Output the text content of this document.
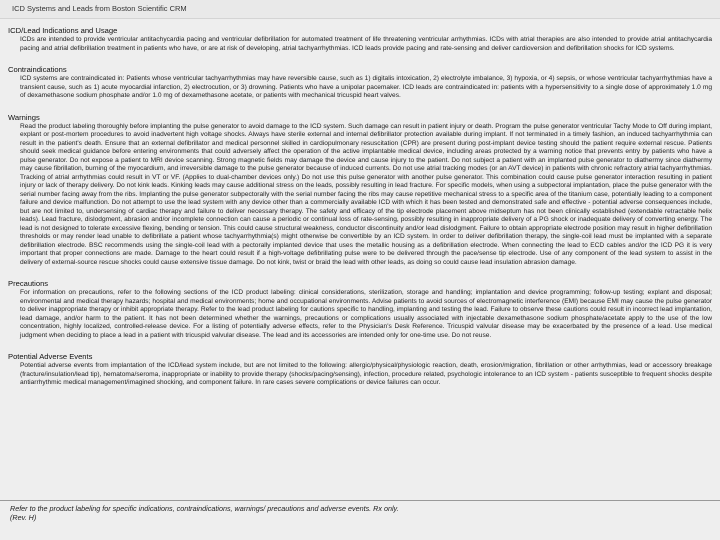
ICD Systems and Leads from Boston Scientific CRM
ICD/Lead Indications and Usage
ICDs are intended to provide ventricular antitachycardia pacing and ventricular defibrillation for automated treatment of life threatening ventricular arrhythmias. ICDs with atrial therapies are also intended to provide atrial antitachycardia pacing and atrial defibrillation treatment in patients who have, or are at risk of developing, atrial tachyarrhythmias. ICD leads provide pacing and rate-sensing and deliver cardioversion and defibrillation shocks for ICD systems.
Contraindications
ICD systems are contraindicated in: Patients whose ventricular tachyarrhythmias may have reversible cause, such as 1) digitalis intoxication, 2) electrolyte imbalance, 3) hypoxia, or 4) sepsis, or whose ventricular tachyarrhythmias have a transient cause, such as 1) acute myocardial infarction, 2) electrocution, or 3) drowning. Patients who have a unipolar pacemaker. ICD leads are contraindicated in: patients with a hypersensitivity to a single dose of approximately 1.0 mg of dexamethasone sodium phosphate and/or 1.0 mg of dexamethasone acetate, or patients with mechanical tricuspid heart valves.
Warnings
Read the product labeling thoroughly before implanting the pulse generator to avoid damage to the ICD system. Such damage can result in patient injury or death. Program the pulse generator ventricular Tachy Mode to Off during implant, explant or post-mortem procedures to avoid inadvertent high voltage shocks. Always have sterile external and internal defibrillator protection available during implant. If not terminated in a timely fashion, an induced tachyarrhythmia can result in the patient's death. Ensure that an external defibrillator and medical personnel skilled in cardiopulmonary resuscitation (CPR) are present during post-implant device testing should the patient require external rescue. Patients should seek medical guidance before entering environments that could adversely affect the operation of the active implantable medical device, including areas protected by a warning notice that prevents entry by patients who have a pulse generator. Do not expose a patient to MRI device scanning. Strong magnetic fields may damage the device and cause injury to the patient. Do not subject a patient with an implanted pulse generator to diathermy since diathermy may cause fibrillation, burning of the myocardium, and irreversible damage to the pulse generator because of induced currents. Do not use atrial tracking modes (or an AVT device) in patients with chronic refractory atrial tachyarrhythmias. Tracking of atrial arrhythmias could result in VT or VF. (Applies to dual-chamber devices only.) Do not use this pulse generator with another pulse generator. This combination could cause pulse generator interaction resulting in patient injury or lack of therapy delivery. Do not kink leads. Kinking leads may cause additional stress on the leads, possibly resulting in lead fracture. For specific models, when using a subpectoral implantation, place the pulse generator with the serial number facing away from the ribs. Implanting the pulse generator subpectorally with the serial number facing the ribs may cause repetitive mechanical stress to a specific area of the titanium case, potentially leading to a component failure and device malfunction. Do not attempt to use the lead system with any device other than a commercially available ICD with which it has been tested and demonstrated safe and effective - potential adverse consequences include, but are not limited to, undersensing of cardiac therapy and failure to deliver necessary therapy. The safety and efficacy of the tip electrode placement above midseptum has not been clinically established (extendable retractable helix leads). Lead fracture, dislodgment, abrasion and/or incomplete connection can cause a periodic or continual loss of rate-sensing, possibly resulting in inappropriate delivery of a PG shock or inadequate delivery of converting energy. The lead is not designed to tolerate excessive flexing, bending or tension. This could cause structural weakness, conductor discontinuity and/or lead dislodgment. Failure to obtain appropriate electrode position may result in higher defibrillation thresholds or may render lead unable to defibrillate a patient whose tachyarrhythmia(s) might otherwise be convertible by an ICD system. In order to deliver defibrillation therapy, the single-coil lead must be implanted with a separate defibrillation electrode. BSC recommends using the single-coil lead with a pectorally implanted device that uses the metallic housing as a defibrillation electrode. When connecting the lead to ECD cables and/or the ICD PG it is very important that proper connections are made. Damage to the heart could result if a high-voltage defibrillating pulse were to be delivered through the pace/sense tip electrode. Use of any component of the lead system to assist in the delivery of external-source rescue shocks could cause extensive tissue damage. Do not kink, twist or braid the lead with other leads, as doing so could cause lead insulation abrasion damage.
Precautions
For information on precautions, refer to the following sections of the ICD product labeling: clinical considerations, sterilization, storage and handling; implantation and device programming; follow-up testing; explant and disposal; environmental and medical therapy hazards; hospital and medical environments; home and occupational environments. Advise patients to avoid sources of electromagnetic interference (EMI) because EMI may cause the pulse generator to deliver inappropriate therapy or inhibit appropriate therapy. Refer to the lead product labeling for cautions specific to handling, implanting and testing the lead. Failure to observe these cautions could result in incorrect lead implantation, lead damage, and/or harm to the patient. It has not been determined whether the warnings, precautions or complications usually associated with injectable dexamethasone sodium phosphate/acetate apply to the use of the low concentration, highly localized, controlled-release device. For a listing of potentially adverse effects, refer to the Physician's Desk Reference. Tricuspid valvular disease may be exacerbated by the presence of a lead. Use medical judgment when deciding to place a lead in a patient with tricuspid valvular disease. The lead and its accessories are intended only for one-time use. Do not reuse.
Potential Adverse Events
Potential adverse events from implantation of the ICD/lead system include, but are not limited to the following: allergic/physical/physiologic reaction, death, erosion/migration, fibrillation or other arrhythmias, lead or accessory breakage (fracture/insulation/lead tip), hematoma/seroma, inappropriate or inability to provide therapy (shocks/pacing/sensing), infection, procedure related, psychologic intolerance to an ICD system - patients susceptible to frequent shocks despite antiarrhythmic medical management/imagined shocking, and component failure. In rare cases severe complications or device failures can occur.
Refer to the product labeling for specific indications, contraindications, warnings/ precautions and adverse events. Rx only.
(Rev. H)
